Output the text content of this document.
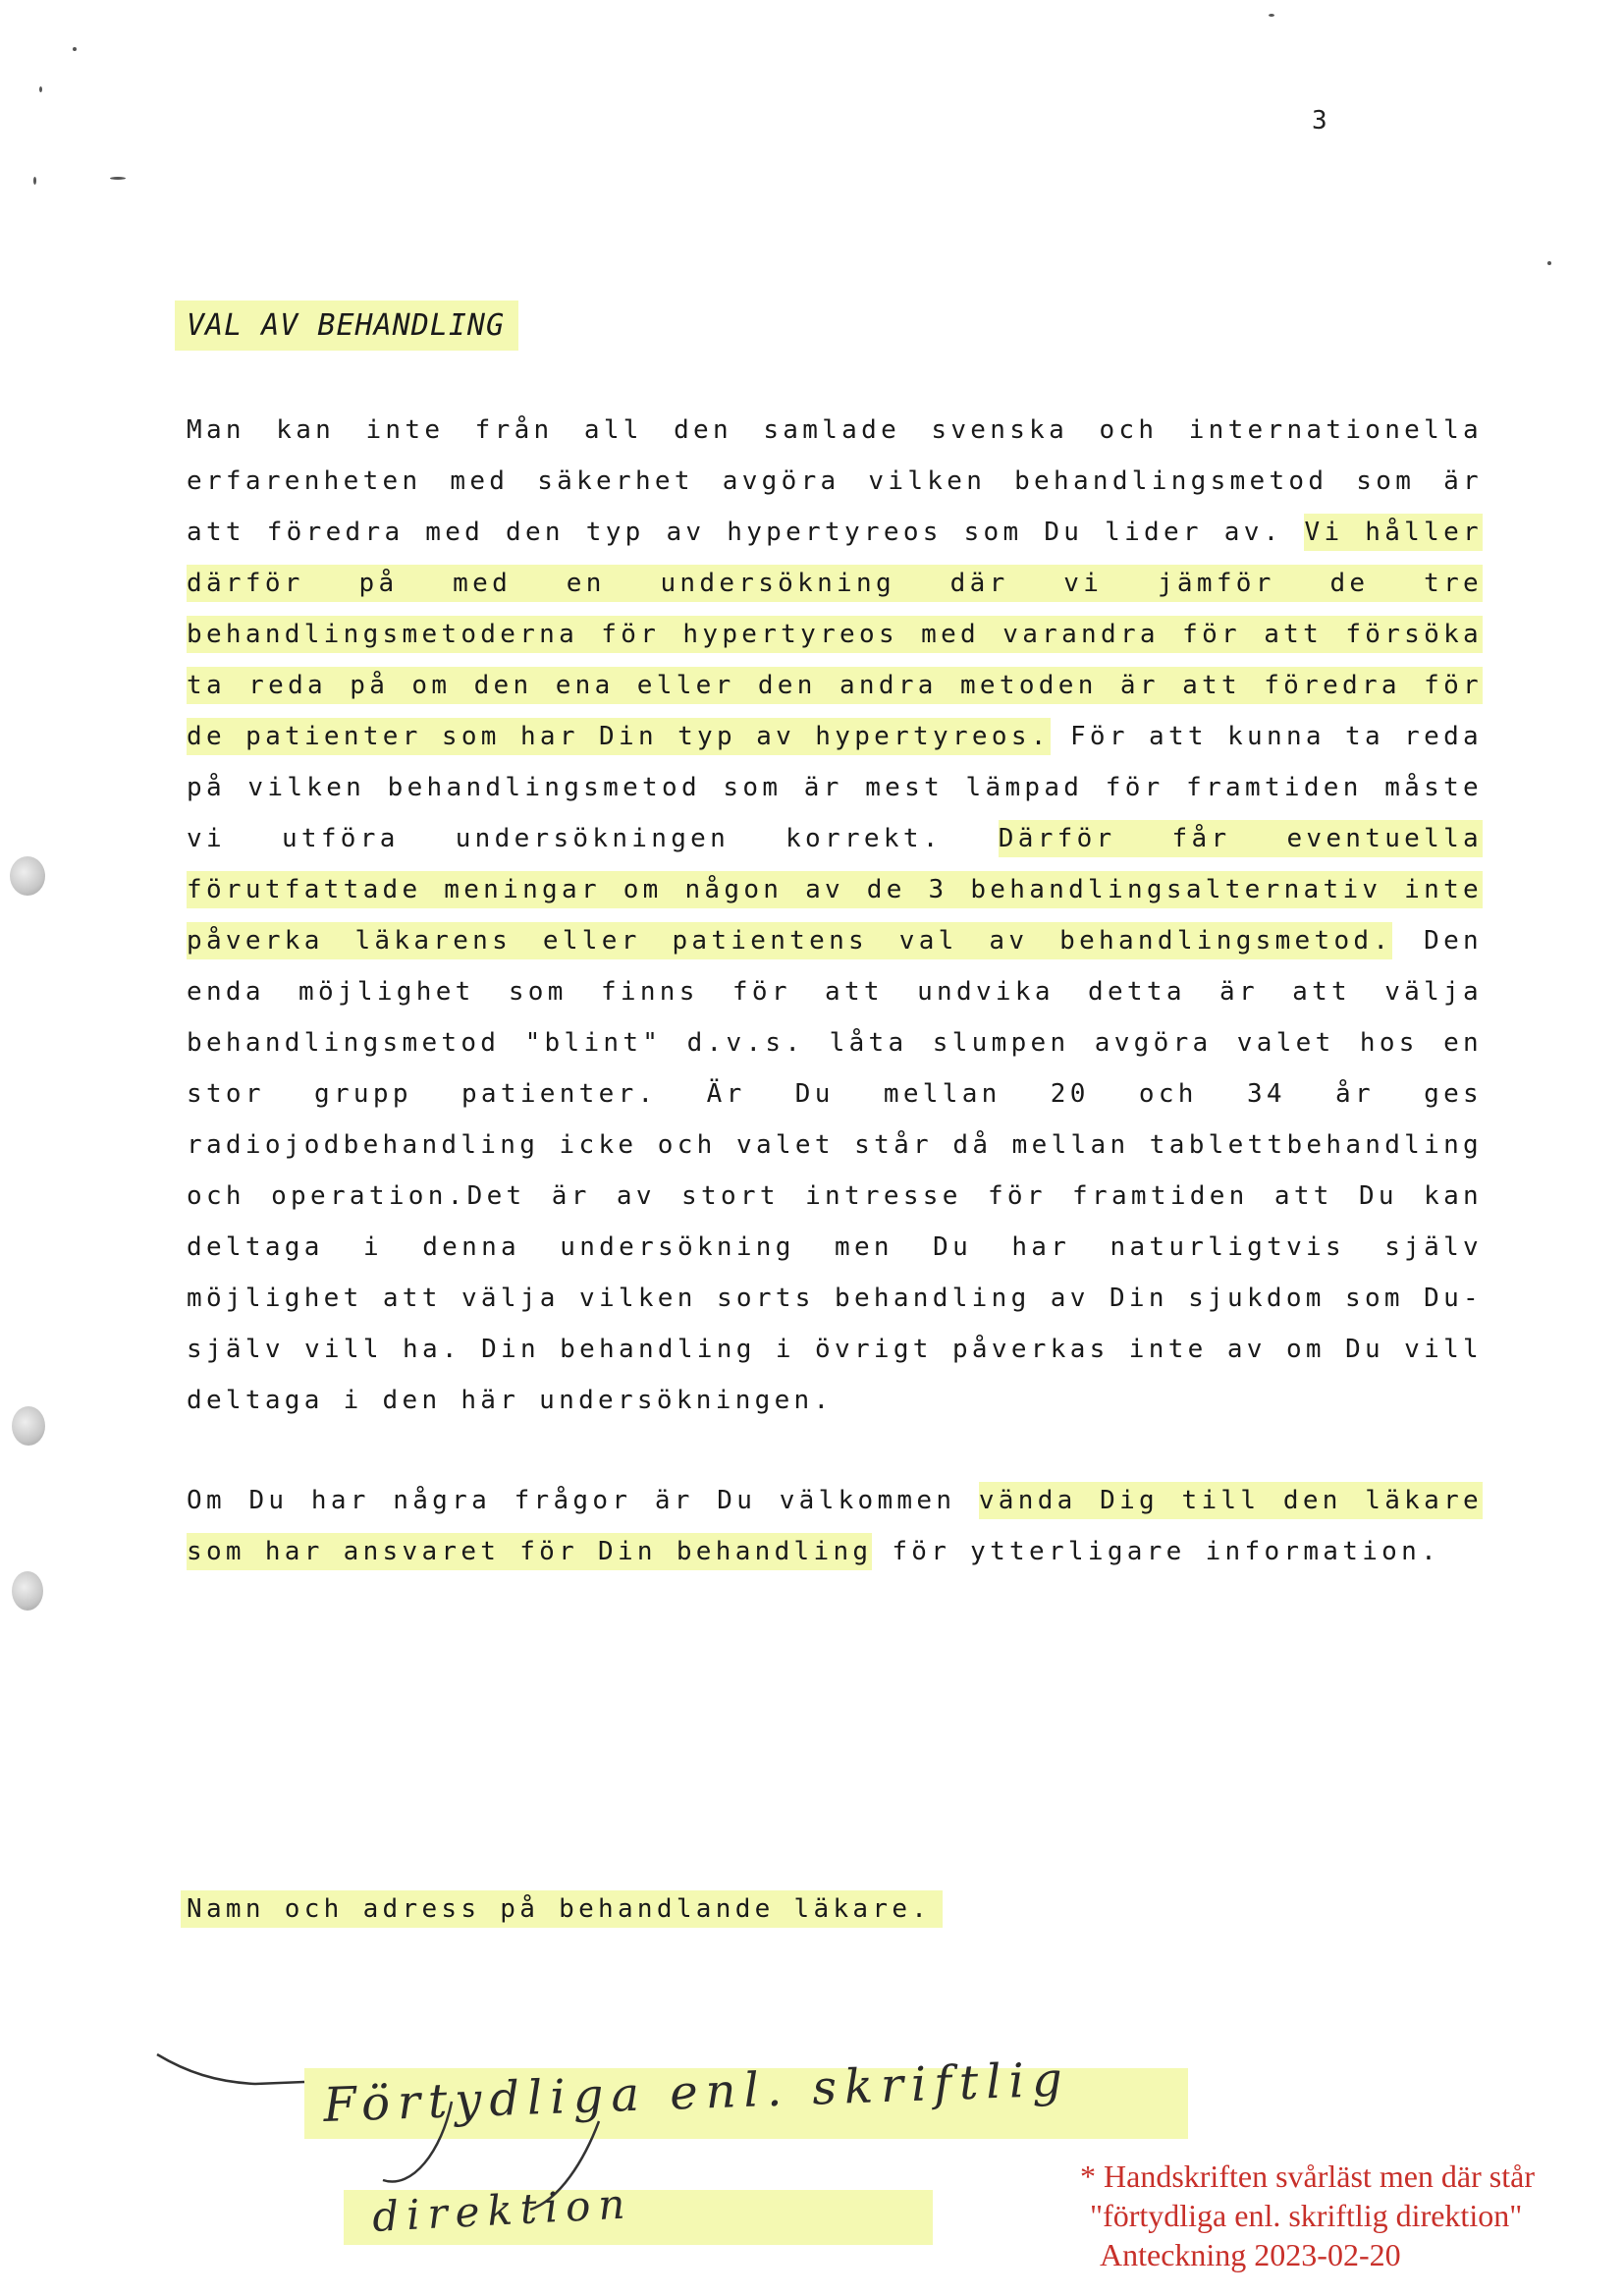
3
VAL AV BEHANDLING
Man kan inte från all den samlade svenska och internationella erfarenheten med säkerhet avgöra vilken behandlingsmetod som är att föredra med den typ av hypertyreos som Du lider av. Vi håller därför på med en undersökning där vi jämför de tre behandlingsmetoderna för hypertyreos med varandra för att försöka ta reda på om den ena eller den andra metoden är att föredra för de patienter som har Din typ av hypertyreos. För att kunna ta reda på vilken behandlingsmetod som är mest lämpad för framtiden måste vi utföra undersökningen korrekt. Därför får eventuella förutfattade meningar om någon av de 3 behandlingsalternativ inte påverka läkarens eller patientens val av behandlingsmetod. Den enda möjlighet som finns för att undvika detta är att välja behandlingsmetod "blint" d.v.s. låta slumpen avgöra valet hos en stor grupp patienter. Är Du mellan 20 och 34 år ges radiojodbehandling icke och valet står då mellan tablettbehandling och operation.Det är av stort intresse för framtiden att Du kan deltaga i denna undersökning men Du har naturligtvis själv möjlighet att välja vilken sorts behandling av Din sjukdom som Du-själv vill ha. Din behandling i övrigt påverkas inte av om Du vill deltaga i den här undersökningen.
Om Du har några frågor är Du välkommen vända Dig till den läkare som har ansvaret för Din behandling för ytterligare information.
Namn och adress på behandlande läkare.
Förtydliga enl. skriftlig
direktion
* Handskriften svårläst men där står
"förtydliga enl. skriftlig direktion"
Anteckning 2023-02-20
